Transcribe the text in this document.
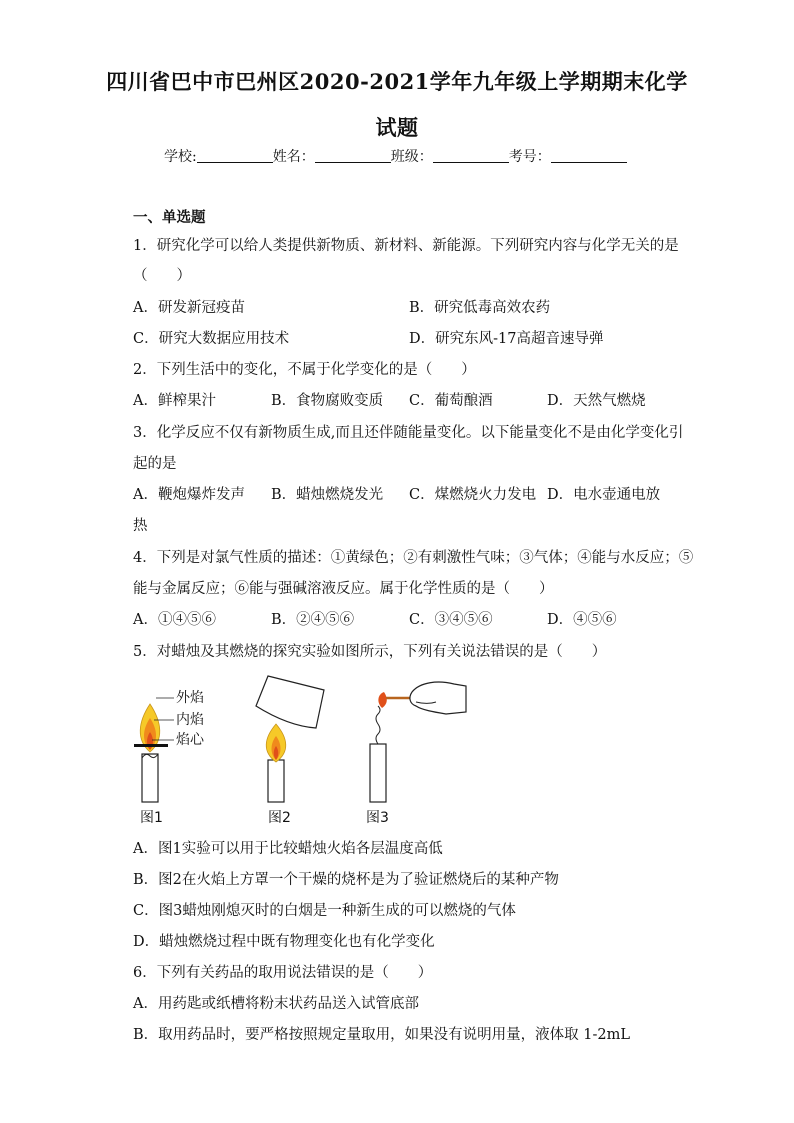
四川省巴中市巴州区2020-2021学年九年级上学期期末化学
试题
学校:	姓名：	班级：	考号：
一、单选题
1．研究化学可以给人类提供新物质、新材料、新能源。下列研究内容与化学无关的是
（　　）
A．研发新冠疫苗	B．研究低毒高效农药
C．研究大数据应用技术	D．研究东风-17高超音速导弹
2．下列生活中的变化，不属于化学变化的是（　　）
A．鲜榨果汁	B．食物腐败变质 C．葡萄酿酒	D．天然气燃烧
3．化学反应不仅有新物质生成,而且还伴随能量变化。以下能量变化不是由化学变化引
起的是
A．鞭炮爆炸发声 B．蜡烛燃烧发光 C．煤燃烧火力发电 D．电水壶通电放
热
4．下列是对氯气性质的描述：①黄绿色；②有刺激性气味；③气体；④能与水反应；⑤
能与金属反应；⑥能与强碱溶液反应。属于化学性质的是（　　）
A．①④⑤⑥	B．②④⑤⑥	C．③④⑤⑥	D．④⑤⑥
5．对蜡烛及其燃烧的探究实验如图所示，下列有关说法错误的是（　　）
外焰
内焰
焰心
图1	图2	图3
A．图1实验可以用于比较蜡烛火焰各层温度高低
B．图2在火焰上方罩一个干燥的烧杯是为了验证燃烧后的某种产物
C．图3蜡烛刚熄灭时的白烟是一种新生成的可以燃烧的气体
D．蜡烛燃烧过程中既有物理变化也有化学变化
6．下列有关药品的取用说法错误的是（　　）
A．用药匙或纸槽将粉末状药品送入试管底部
B．取用药品时，要严格按照规定量取用，如果没有说明用量，液体取 1-2mL
